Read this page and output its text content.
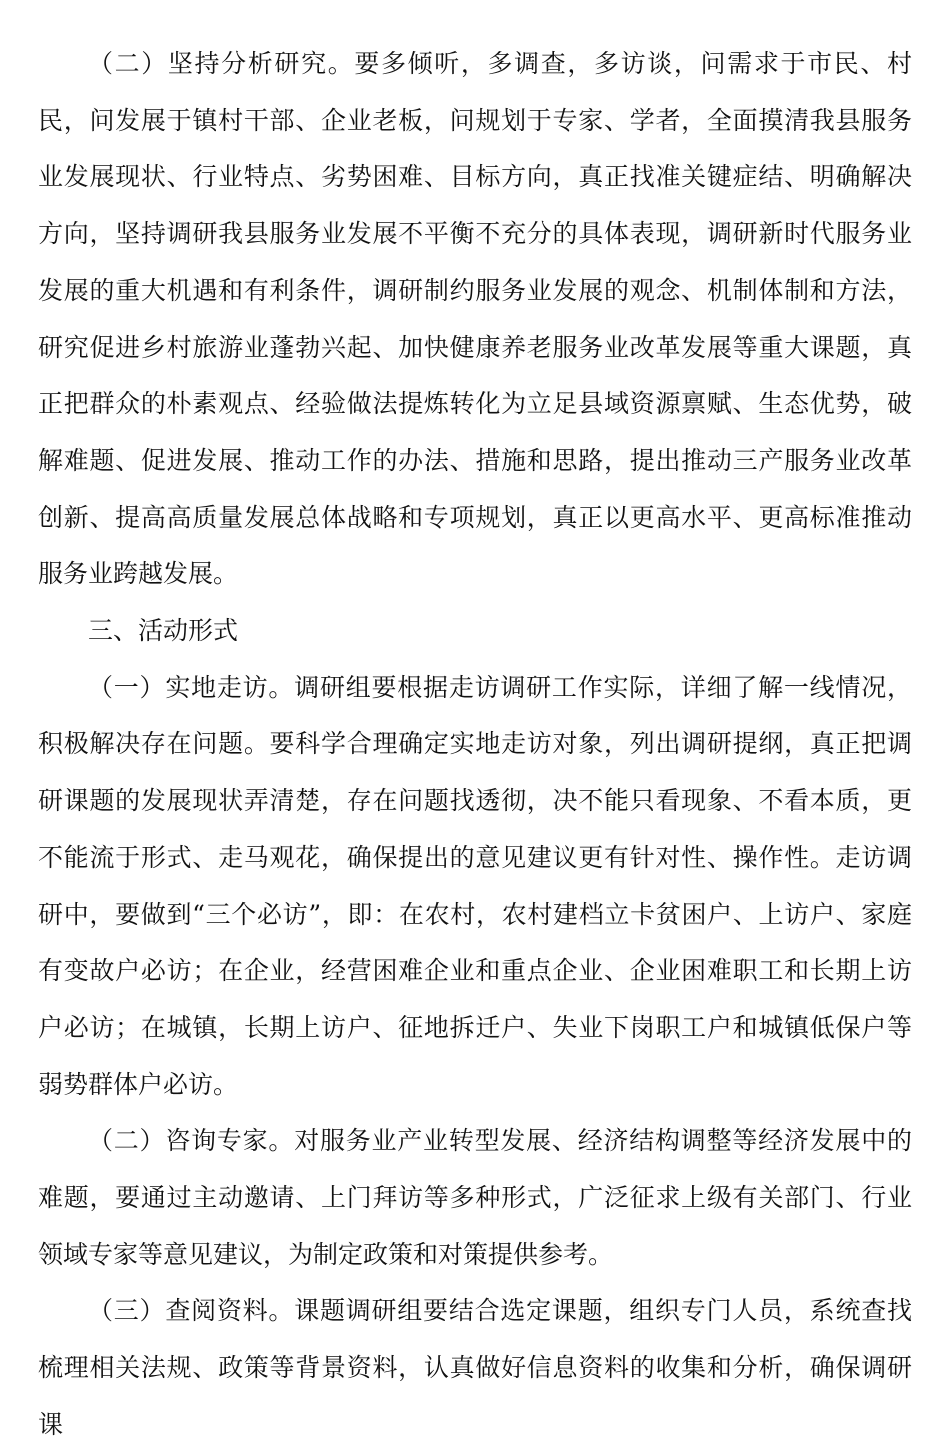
（二）坚持分析研究。要多倾听，多调查，多访谈，问需求于市民、村民，问发展于镇村干部、企业老板，问规划于专家、学者，全面摸清我县服务业发展现状、行业特点、劣势困难、目标方向，真正找准关键症结、明确解决方向，坚持调研我县服务业发展不平衡不充分的具体表现，调研新时代服务业发展的重大机遇和有利条件，调研制约服务业发展的观念、机制体制和方法，研究促进乡村旅游业蓬勃兴起、加快健康养老服务业改革发展等重大课题，真正把群众的朴素观点、经验做法提炼转化为立足县域资源禀赋、生态优势，破解难题、促进发展、推动工作的办法、措施和思路，提出推动三产服务业改革创新、提高高质量发展总体战略和专项规划，真正以更高水平、更高标准推动服务业跨越发展。

三、活动形式

（一）实地走访。调研组要根据走访调研工作实际，详细了解一线情况，积极解决存在问题。要科学合理确定实地走访对象，列出调研提纲，真正把调研课题的发展现状弄清楚，存在问题找透彻，决不能只看现象、不看本质，更不能流于形式、走马观花，确保提出的意见建议更有针对性、操作性。走访调研中，要做到“三个必访”，即：在农村，农村建档立卡贫困户、上访户、家庭有变故户必访；在企业，经营困难企业和重点企业、企业困难职工和长期上访户必访；在城镇，长期上访户、征地拆迁户、失业下岗职工户和城镇低保户等弱势群体户必访。

（二）咨询专家。对服务业产业转型发展、经济结构调整等经济发展中的难题，要通过主动邀请、上门拜访等多种形式，广泛征求上级有关部门、行业领域专家等意见建议，为制定政策和对策提供参考。

（三）查阅资料。课题调研组要结合选定课题，组织专门人员，系统查找梳理相关法规、政策等背景资料，认真做好信息资料的收集和分析，确保调研课
